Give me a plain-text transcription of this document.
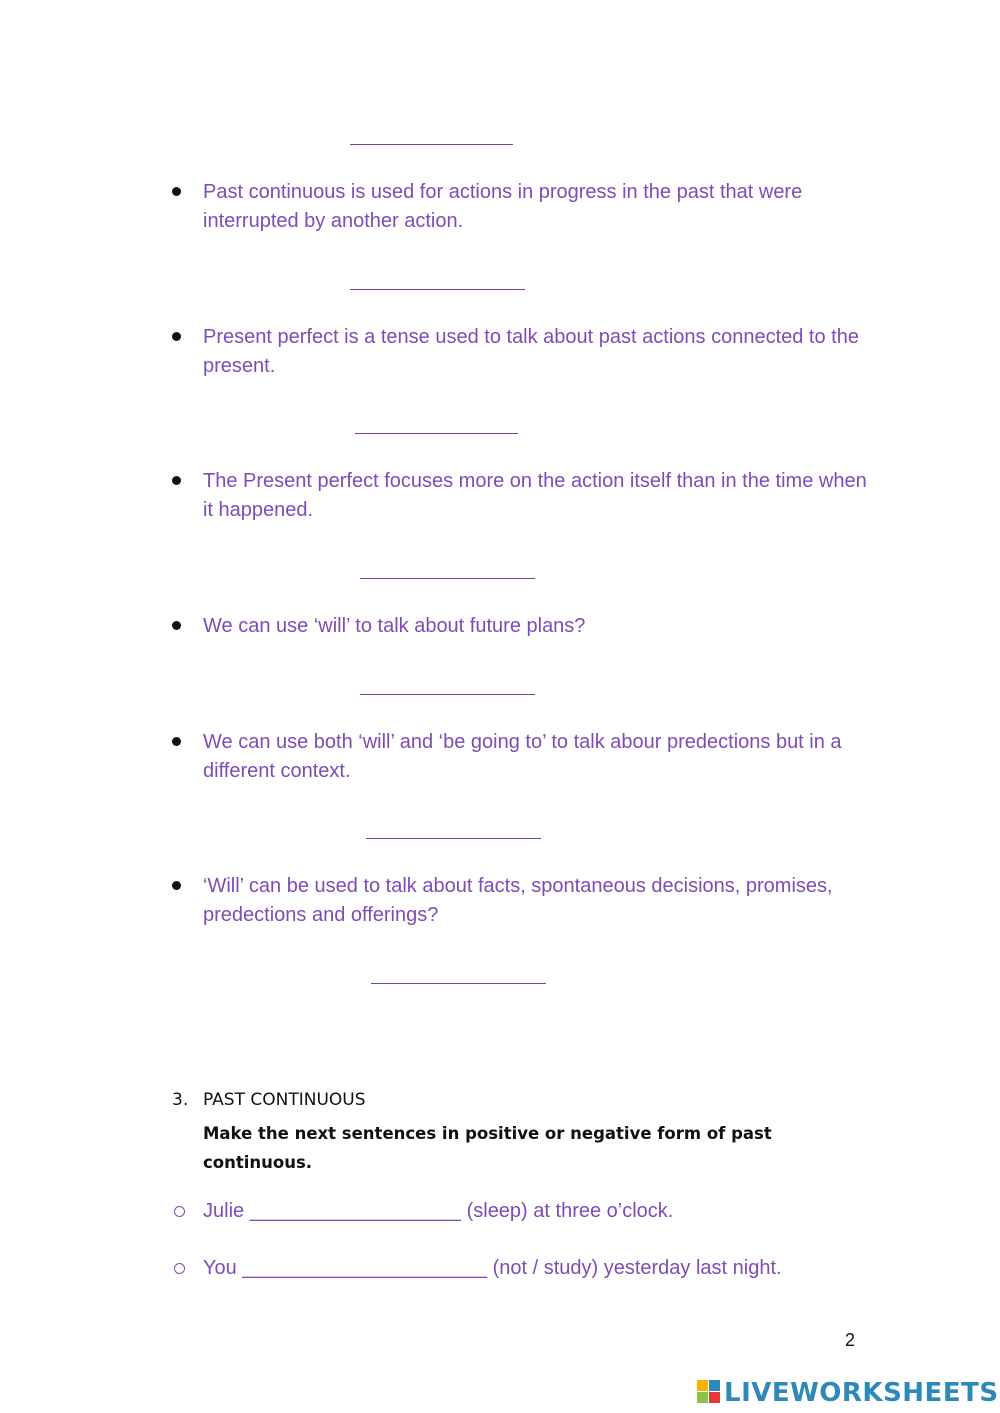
Past continuous is used for actions in progress in the past that were interrupted by another action.
Present perfect is a tense used to talk about past actions connected to the present.
The Present perfect focuses more on the action itself than in the time when it happened.
We can use ‘will’ to talk about future plans?
We can use both ‘will’ and ‘be going to’ to talk abour predections but in a different context.
‘Will’ can be used to talk about facts, spontaneous decisions, promises, predections and offerings?
3. PAST CONTINUOUS
Make the next sentences in positive or negative form of past continuous.
Julie ___________________ (sleep) at three o’clock.
You ______________________ (not / study) yesterday last night.
2
LIVEWORKSHEETS
